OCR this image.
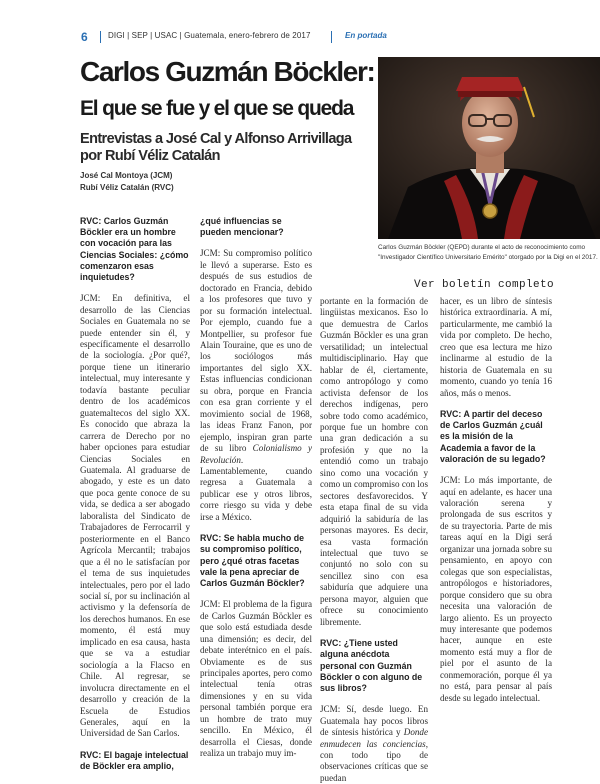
6	DIGI | SEP | USAC | Guatemala, enero-febrero de 2017	En portada
Carlos Guzmán Böckler:
El que se fue y el que se queda
Entrevistas a José Cal y Alfonso Arrivillaga
por Rubí Véliz Catalán
José Cal Montoya (JCM)
Rubí Véliz Catalán (RVC)
Carlos Guzmán Böckler (QEPD) durante el acto de reconocimiento como "Investigador Científico Universitario Emérito" otorgado por la Digi en el 2017.
Ver boletín completo

RVC: Carlos Guzmán Böckler era un hombre con vocación para las Ciencias Sociales: ¿cómo comenzaron esas inquietudes?

JCM: En definitiva, el desarrollo de las Ciencias Sociales en Guatemala no se puede entender sin él, y específicamente el desarrollo de la sociología. ¿Por qué?, porque tiene un itinerario intelectual, muy interesante y todavía bastante peculiar dentro de los académicos guatemaltecos del siglo XX. Es conocido que abraza la carrera de Derecho por no haber opciones para estudiar Ciencias Sociales en Guatemala. Al graduarse de abogado, y este es un dato que poca gente conoce de su vida, se dedica a ser abogado laboralista del Sindicato de Trabajadores de Ferrocarril y posteriormente en el Banco Agrícola Mercantil; trabajos que a él no le satisfacían por el tema de sus inquietudes intelectuales, pero por el lado social sí, por su inclinación al activismo y la defensoría de los derechos humanos. En ese momento, él está muy implicado en esa causa, hasta que se va a estudiar sociología a la Flacso en Chile. Al regresar, se involucra directamente en el desarrollo y creación de la Escuela de Estudios Generales, aquí en la Universidad de San Carlos.

RVC: El bagaje intelectual de Böckler era amplio,

¿qué influencias se pueden mencionar?

JCM: Su compromiso político le llevó a superarse. Esto es después de sus estudios de doctorado en Francia, debido a los profesores que tuvo y por su formación intelectual. Por ejemplo, cuando fue a Montpellier, su profesor fue Alain Touraine, que es uno de los sociólogos más importantes del siglo XX. Estas influencias condicionan su obra, porque en Francia con esa gran corriente y el movimiento social de 1968, las ideas Franz Fanon, por ejemplo, inspiran gran parte de su libro Colonialismo y Revolución. Lamentablemente, cuando regresa a Guatemala a publicar ese y otros libros, corre riesgo su vida y debe irse a México.

RVC: Se habla mucho de su compromiso político, pero ¿qué otras facetas vale la pena apreciar de Carlos Guzmán Böckler?

JCM: El problema de la figura de Carlos Guzmán Böckler es que solo está estudiada desde una dimensión; es decir, del debate interétnico en el país. Obviamente es de sus principales aportes, pero como intelectual tenía otras dimensiones y en su vida personal también porque era un hombre de trato muy sencillo. En México, él desarrolla el Ciesas, donde realiza un trabajo muy im-

portante en la formación de lingüistas mexicanos. Eso lo que demuestra de Carlos Guzmán Böckler es una gran versatilidad; un intelectual multidisciplinario. Hay que hablar de él, ciertamente, como antropólogo y como activista defensor de los derechos indígenas, pero sobre todo como académico, porque fue un hombre con una gran dedicación a su profesión y que no la entendió como un trabajo sino como una vocación y como un compromiso con los sectores desfavorecidos. Y esta etapa final de su vida adquirió la sabiduría de las personas mayores. Es decir, esa vasta formación intelectual que tuvo se conjuntó no solo con su sencillez sino con esa sabiduría que adquiere una persona mayor, alguien que ofrece su conocimiento libremente.

RVC: ¿Tiene usted alguna anécdota personal con Guzmán Böckler o con alguno de sus libros?

JCM: Sí, desde luego. En Guatemala hay pocos libros de síntesis histórica y Donde enmudecen las conciencias, con todo tipo de observaciones críticas que se puedan

hacer, es un libro de síntesis histórica extraordinaria. A mí, particularmente, me cambió la vida por completo. De hecho, creo que esa lectura me hizo inclinarme al estudio de la historia de Guatemala en su momento, cuando yo tenía 16 años, más o menos.

RVC: A partir del deceso de Carlos Guzmán ¿cuál es la misión de la Academia a favor de la valoración de su legado?

JCM: Lo más importante, de aquí en adelante, es hacer una valoración serena y prolongada de sus escritos y de su trayectoria. Parte de mis tareas aquí en la Digi será organizar una jornada sobre su pensamiento, en apoyo con colegas que son especialistas, antropólogos e historiadores, porque considero que su obra necesita una valoración de largo aliento. Es un proyecto muy interesante que podemos hacer, aunque en este momento está muy a flor de piel por el asunto de la conmemoración, porque él ya no está, para pensar al país desde su legado intelectual.
